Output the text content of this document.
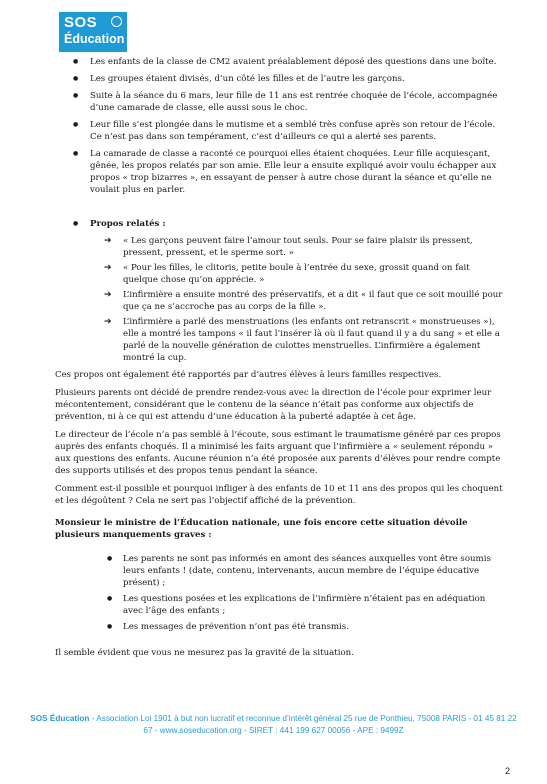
SOS
Éducation
● Les enfants de la classe de CM2 avaient préalablement déposé des questions dans une boîte.
● Les groupes étaient divisés, d’un côté les filles et de l’autre les garçons.
● Suite à la séance du 6 mars, leur fille de 11 ans est rentrée choquée de l’école, accompagnée d’une camarade de classe, elle aussi sous le choc.
● Leur fille s’est plongée dans le mutisme et a semblé très confuse après son retour de l’école. Ce n’est pas dans son tempérament, c’est d’ailleurs ce qui a alerté ses parents.
● La camarade de classe a raconté ce pourquoi elles étaient choquées. Leur fille acquiesçant, gênée, les propos relatés par son amie. Elle leur a ensuite expliqué avoir voulu échapper aux propos « trop bizarres », en essayant de penser à autre chose durant la séance et qu’elle ne voulait plus en parler.
● Propos relatés :
➔ « Les garçons peuvent faire l’amour tout seuls. Pour se faire plaisir ils pressent, pressent, pressent, et le sperme sort. »
➔ « Pour les filles, le clitoris, petite boule à l’entrée du sexe, grossit quand on fait quelque chose qu’on apprécie. »
➔ L’infirmière a ensuite montré des préservatifs, et a dit « il faut que ce soit mouillé pour que ça ne s’accroche pas au corps de la fille ».
➔ L’infirmière a parlé des menstruations (les enfants ont retranscrit « monstrueuses »), elle a montré les tampons « il faut l’insérer là où il faut quand il y a du sang » et elle a parlé de la nouvelle génération de culottes menstruelles. L’infirmière a également montré la cup.

Ces propos ont également été rapportés par d’autres élèves à leurs familles respectives.

Plusieurs parents ont décidé de prendre rendez-vous avec la direction de l’école pour exprimer leur mécontentement, considérant que le contenu de la séance n’était pas conforme aux objectifs de prévention, ni à ce qui est attendu d’une éducation à la puberté adaptée à cet âge.

Le directeur de l’école n’a pas semblé à l’écoute, sous estimant le traumatisme généré par ces propos auprès des enfants choqués. Il a minimisé les faits arguant que l’infirmière a « seulement répondu » aux questions des enfants. Aucune réunion n’a été proposée aux parents d’élèves pour rendre compte des supports utilisés et des propos tenus pendant la séance.

Comment est-il possible et pourquoi infliger à des enfants de 10 et 11 ans des propos qui les choquent et les dégoûtent ? Cela ne sert pas l’objectif affiché de la prévention.

Monsieur le ministre de l’Éducation nationale, une fois encore cette situation dévoile plusieurs manquements graves :

● Les parents ne sont pas informés en amont des séances auxquelles vont être soumis leurs enfants ! (date, contenu, intervenants, aucun membre de l’équipe éducative présent) ;
● Les questions posées et les explications de l’infirmière n’étaient pas en adéquation avec l’âge des enfants ;
● Les messages de prévention n’ont pas été transmis.

Il semble évident que vous ne mesurez pas la gravité de la situation.

SOS Éducation - Association Loi 1901 à but non lucratif et reconnue d’intérêt général 25 rue de Ponthieu, 75008 PARIS - 01 45 81 22 67 - www.soseducation.org - SIRET : 441 199 627 00056 - APE : 9499Z
2
